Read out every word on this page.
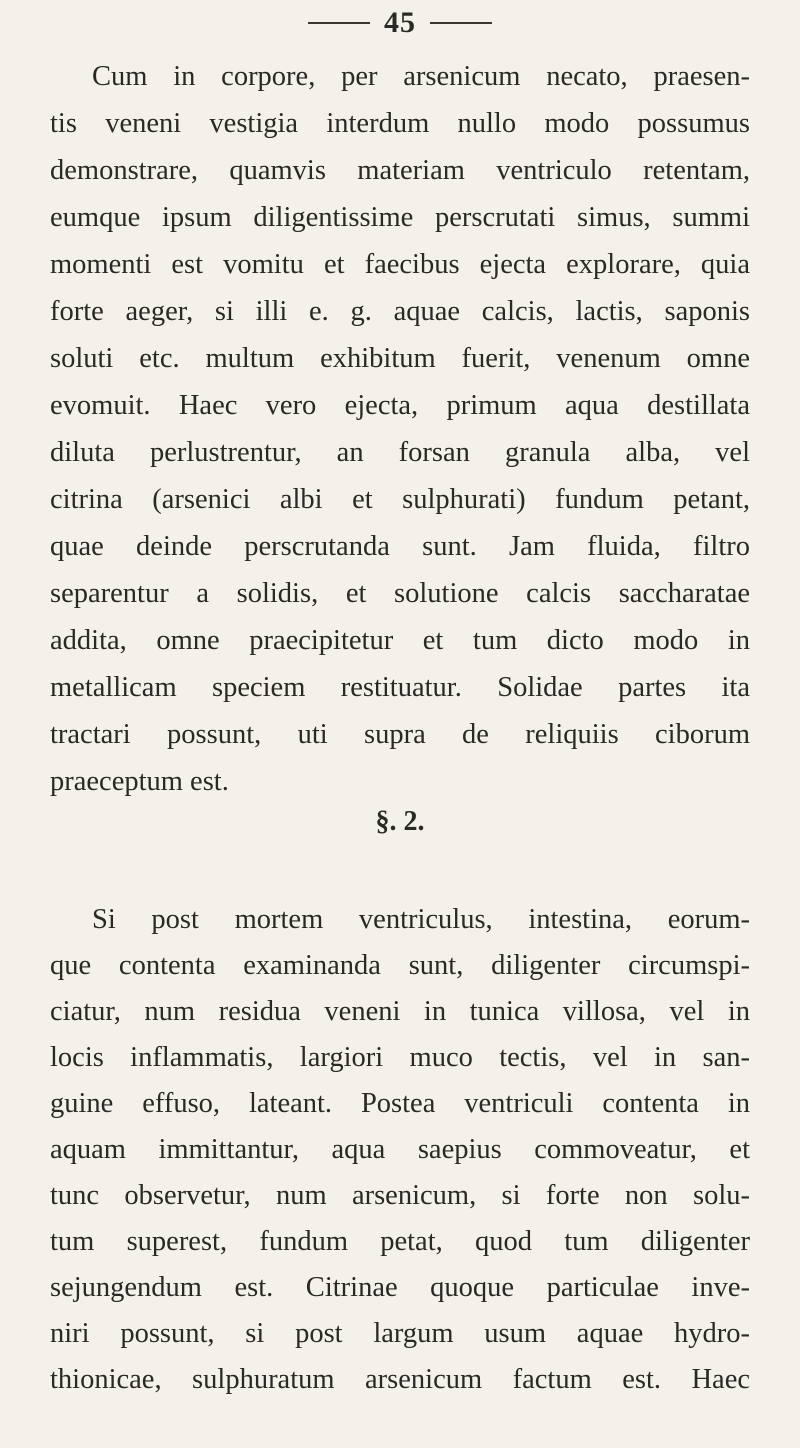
45
Cum in corpore, per arsenicum necato, praesen-
tis veneni vestigia interdum nullo modo possumus
demonstrare, quamvis materiam ventriculo retentam,
eumque ipsum diligentissime perscrutati simus, summi
momenti est vomitu et faecibus ejecta explorare, quia
forte aeger, si illi e. g. aquae calcis, lactis, saponis
soluti etc. multum exhibitum fuerit, venenum omne
evomuit. Haec vero ejecta, primum aqua destillata
diluta perlustrentur, an forsan granula alba, vel
citrina (arsenici albi et sulphurati) fundum petant,
quae deinde perscrutanda sunt. Jam fluida, filtro
separentur a solidis, et solutione calcis saccharatae
addita, omne praecipitetur et tum dicto modo in
metallicam speciem restituatur. Solidae partes ita
tractari possunt, uti supra de reliquiis ciborum
praeceptum est.
§. 2.
Si post mortem ventriculus, intestina, eorum-
que contenta examinanda sunt, diligenter circumspi-
ciatur, num residua veneni in tunica villosa, vel in
locis inflammatis, largiori muco tectis, vel in san-
guine effuso, lateant. Postea ventriculi contenta in
aquam immittantur, aqua saepius commoveatur, et
tunc observetur, num arsenicum, si forte non solu-
tum superest, fundum petat, quod tum diligenter
sejungendum est. Citrinae quoque particulae inve-
niri possunt, si post largum usum aquae hydro-
thionicae, sulphuratum arsenicum factum est. Haec
